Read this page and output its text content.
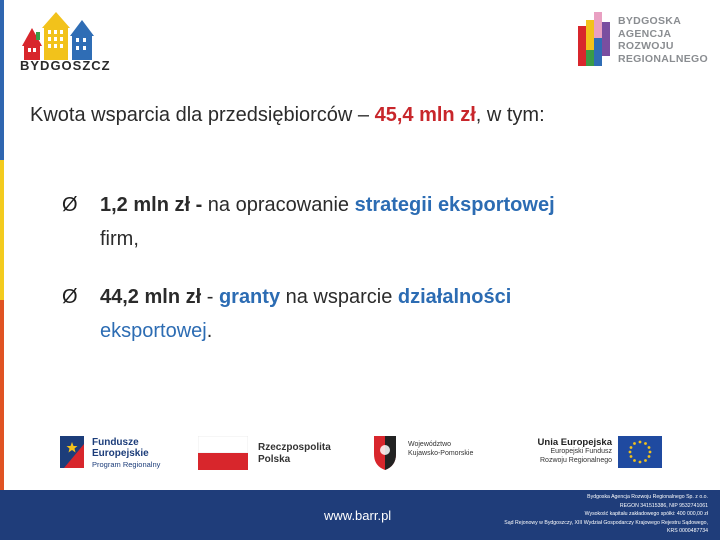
BYDGOSZCZ
BYDGOSKA
AGENCJA
ROZWOJU
REGIONALNEGO
Kwota wsparcia dla przedsiębiorców – 45,4 mln zł, w tym:
Ø 1,2 mln zł - na opracowanie strategii eksportowej
firm,
Ø 44,2 mln zł - granty na wsparcie działalności
eksportowej.
Fundusze
Europejskie
Program Regionalny
Rzeczpospolita
Polska
Województwo
Kujawsko-Pomorskie
Unia Europejska
Europejski Fundusz
Rozwoju Regionalnego
www.barr.pl
Bydgoska Agencja Rozwoju Regionalnego Sp. z o.o.
REGON 341515386, NIP 9532741061
Wysokość kapitału zakładowego spółki: 400 000,00 zł
Sąd Rejonowy w Bydgoszczy, XIII Wydział Gospodarczy Krajowego Rejestru Sądowego,
KRS 0000487734
